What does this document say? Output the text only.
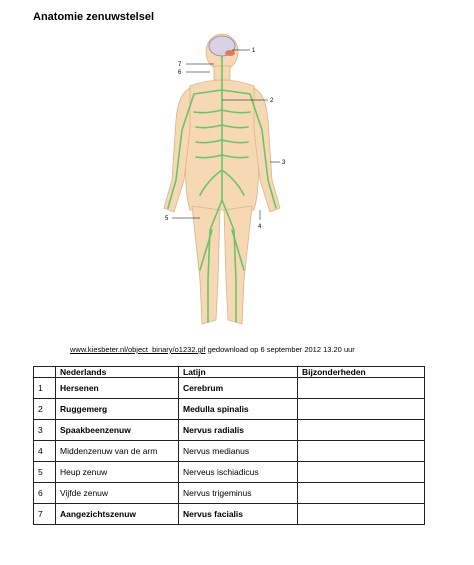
Anatomie zenuwstelsel
1
2
3
4
5
6
7
www.kiesbeter.nl/object_binary/o1232.gif gedownload op 6 september 2012 13.20 uur
	Nederlands	Latijn	Bijzonderheden
1	Hersenen	Cerebrum	
2	Ruggemerg	Medulla spinalis	
3	Spaakbeenzenuw	Nervus radialis	
4	Middenzenuw van de arm	Nervus medianus	
5	Heup zenuw	Nerveus ischiadicus	
6	Vijfde zenuw	Nervus trigeminus	
7	Aangezichtszenuw	Nervus facialis	
